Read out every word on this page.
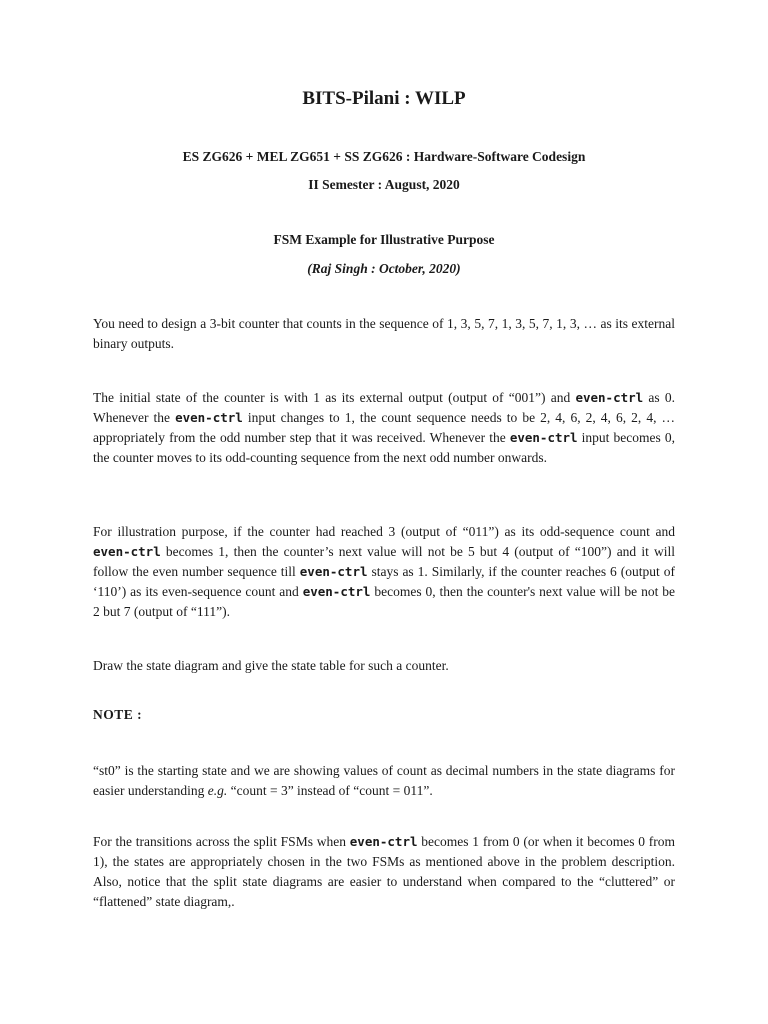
BITS-Pilani : WILP
ES ZG626 + MEL ZG651 + SS ZG626 : Hardware-Software Codesign
II Semester : August, 2020
FSM Example for Illustrative Purpose
(Raj Singh : October, 2020)
You need to design a 3-bit counter that counts in the sequence of 1, 3, 5, 7, 1, 3, 5, 7, 1, 3, … as its external binary outputs.
The initial state of the counter is with 1 as its external output (output of “001”) and even-ctrl as 0. Whenever the even-ctrl input changes to 1, the count sequence needs to be 2, 4, 6, 2, 4, 6, 2, 4, … appropriately from the odd number step that it was received. Whenever the even-ctrl input becomes 0, the counter moves to its odd-counting sequence from the next odd number onwards.
For illustration purpose, if the counter had reached 3 (output of “011”) as its odd-sequence count and even-ctrl becomes 1, then the counter’s next value will not be 5 but 4 (output of “100”) and it will follow the even number sequence till even-ctrl stays as 1. Similarly, if the counter reaches 6 (output of ‘110’) as its even-sequence count and even-ctrl becomes 0, then the counter's next value will be not be 2 but 7 (output of “111”).
Draw the state diagram and give the state table for such a counter.
NOTE :
“st0” is the starting state and we are showing values of count as decimal numbers in the state diagrams for easier understanding e.g. “count = 3” instead of “count = 011”.
For the transitions across the split FSMs when even-ctrl becomes 1 from 0 (or when it becomes 0 from 1), the states are appropriately chosen in the two FSMs as mentioned above in the problem description. Also, notice that the split state diagrams are easier to understand when compared to the “cluttered” or “flattened” state diagram,.
